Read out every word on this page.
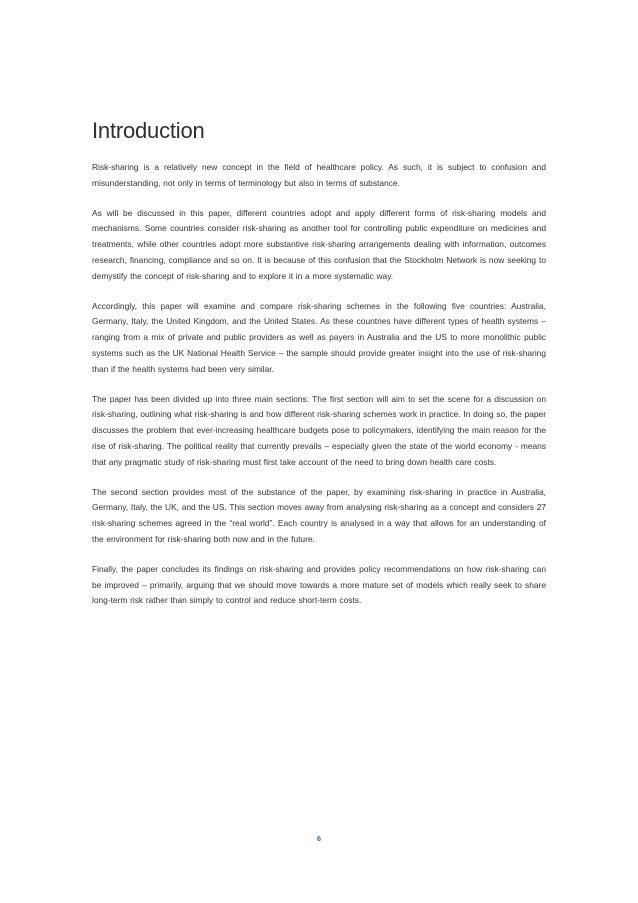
Introduction

Risk-sharing is a relatively new concept in the field of healthcare policy. As such, it is subject to confusion and misunderstanding, not only in terms of terminology but also in terms of substance.

As will be discussed in this paper, different countries adopt and apply different forms of risk-sharing models and mechanisms. Some countries consider risk-sharing as another tool for controlling public expenditure on medicines and treatments, while other countries adopt more substantive risk-sharing arrangements dealing with information, outcomes research, financing, compliance and so on. It is because of this confusion that the Stockholm Network is now seeking to demystify the concept of risk-sharing and to explore it in a more systematic way.

Accordingly, this paper will examine and compare risk-sharing schemes in the following five countries: Australia, Germany, Italy, the United Kingdom, and the United States. As these countries have different types of health systems – ranging from a mix of private and public providers as well as payers in Australia and the US to more monolithic public systems such as the UK National Health Service – the sample should provide greater insight into the use of risk-sharing than if the health systems had been very similar.

The paper has been divided up into three main sections: The first section will aim to set the scene for a discussion on risk-sharing, outlining what risk-sharing is and how different risk-sharing schemes work in practice. In doing so, the paper discusses the problem that ever-increasing healthcare budgets pose to policymakers, identifying the main reason for the rise of risk-sharing. The political reality that currently prevails – especially given the state of the world economy - means that any pragmatic study of risk-sharing must first take account of the need to bring down health care costs.

The second section provides most of the substance of the paper, by examining risk-sharing in practice in Australia, Germany, Italy, the UK, and the US. This section moves away from analysing risk-sharing as a concept and considers 27 risk-sharing schemes agreed in the “real world”. Each country is analysed in a way that allows for an understanding of the environment for risk-sharing both now and in the future.

Finally, the paper concludes its findings on risk-sharing and provides policy recommendations on how risk-sharing can be improved – primarily, arguing that we should move towards a more mature set of models which really seek to share long-term risk rather than simply to control and reduce short-term costs.

6
